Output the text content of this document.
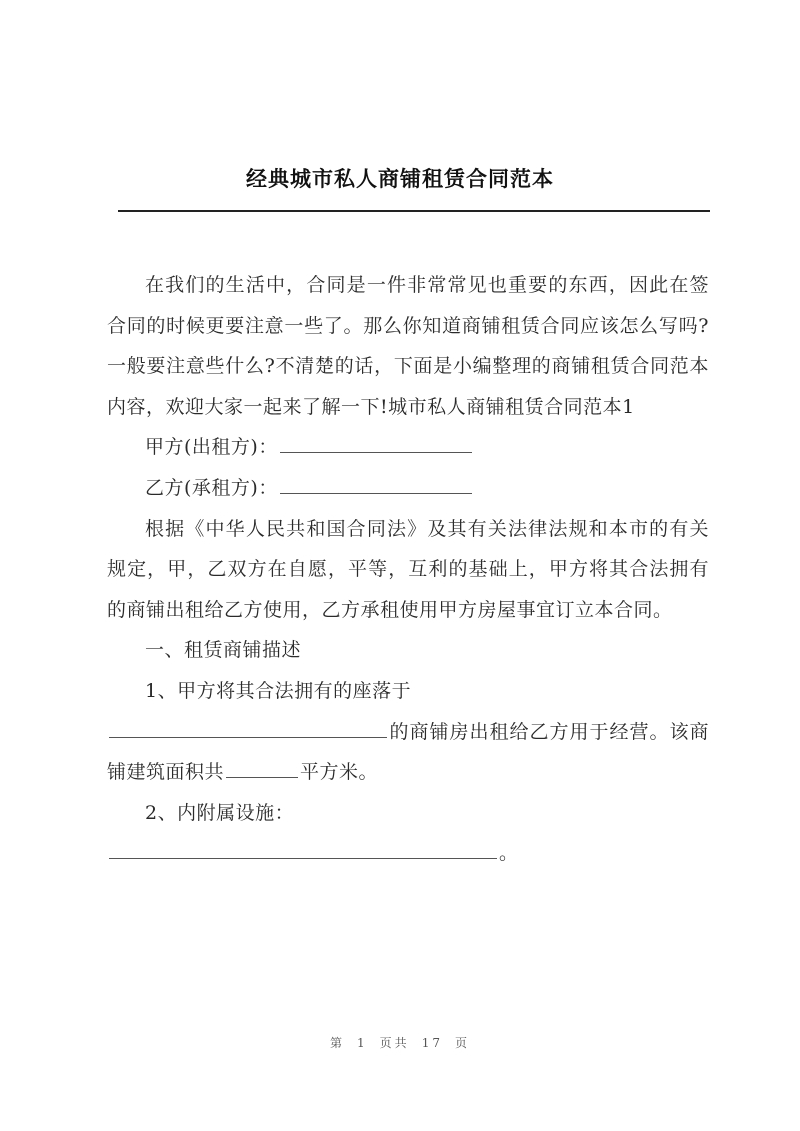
经典城市私人商铺租赁合同范本

在我们的生活中，合同是一件非常常见也重要的东西，因此在签合同的时候更要注意一些了。那么你知道商铺租赁合同应该怎么写吗?一般要注意些什么?不清楚的话，下面是小编整理的商铺租赁合同范本内容，欢迎大家一起来了解一下!城市私人商铺租赁合同范本1

甲方(出租方)：

乙方(承租方)：

根据《中华人民共和国合同法》及其有关法律法规和本市的有关规定，甲，乙双方在自愿，平等，互利的基础上，甲方将其合法拥有的商铺出租给乙方使用，乙方承租使用甲方房屋事宜订立本合同。

一、租赁商铺描述

1、甲方将其合法拥有的座落于

的商铺房出租给乙方用于经营。该商铺建筑面积共	平方米。

2、内附属设施：

。

第 1 页共 17 页
